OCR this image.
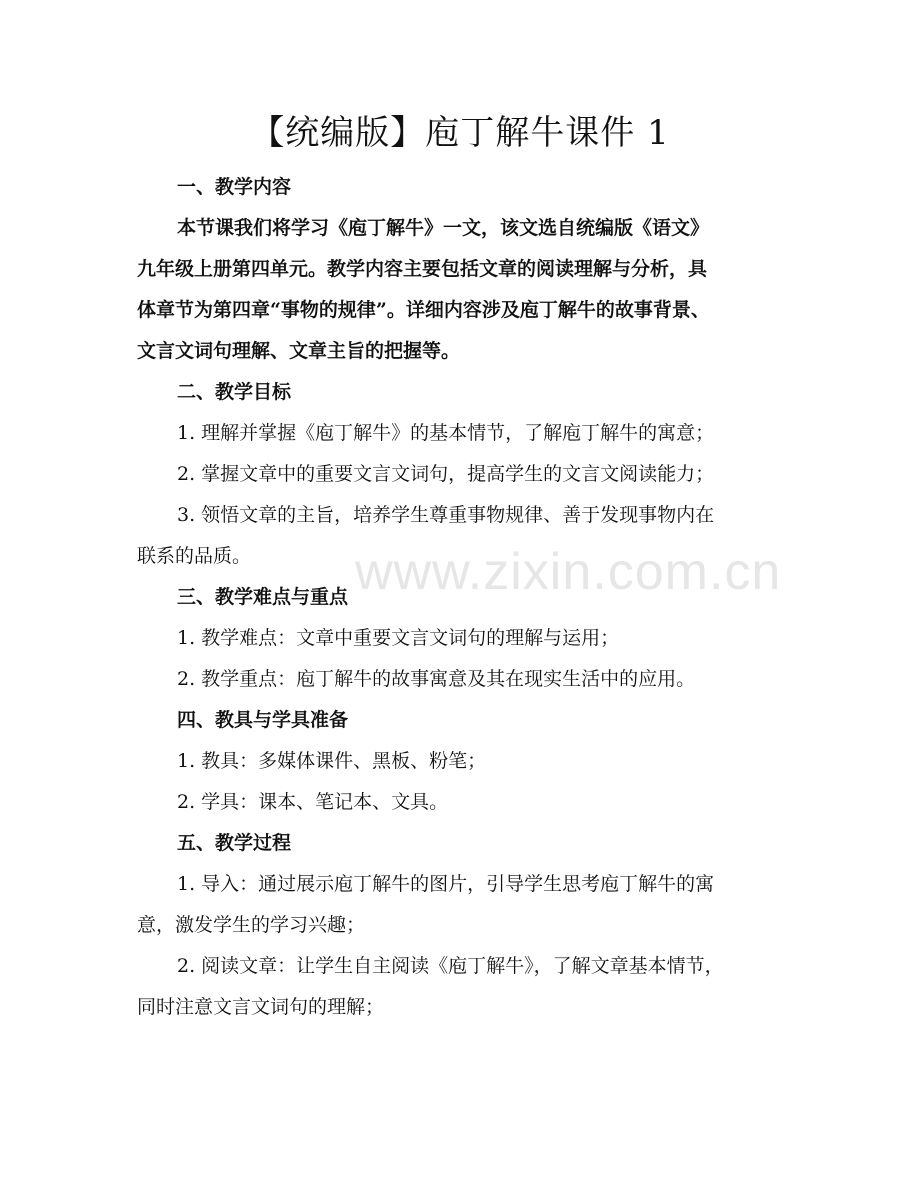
www.zixin.com.cn
【统编版】庖丁解牛课件 1
一、教学内容
本节课我们将学习《庖丁解牛》一文，该文选自统编版《语文》
九年级上册第四单元。教学内容主要包括文章的阅读理解与分析，具
体章节为第四章“事物的规律”。详细内容涉及庖丁解牛的故事背景、
文言文词句理解、文章主旨的把握等。
二、教学目标
1. 理解并掌握《庖丁解牛》的基本情节，了解庖丁解牛的寓意；
2. 掌握文章中的重要文言文词句，提高学生的文言文阅读能力；
3. 领悟文章的主旨，培养学生尊重事物规律、善于发现事物内在
联系的品质。
三、教学难点与重点
1. 教学难点：文章中重要文言文词句的理解与运用；
2. 教学重点：庖丁解牛的故事寓意及其在现实生活中的应用。
四、教具与学具准备
1. 教具：多媒体课件、黑板、粉笔；
2. 学具：课本、笔记本、文具。
五、教学过程
1. 导入：通过展示庖丁解牛的图片，引导学生思考庖丁解牛的寓
意，激发学生的学习兴趣；
2. 阅读文章：让学生自主阅读《庖丁解牛》，了解文章基本情节，
同时注意文言文词句的理解；
